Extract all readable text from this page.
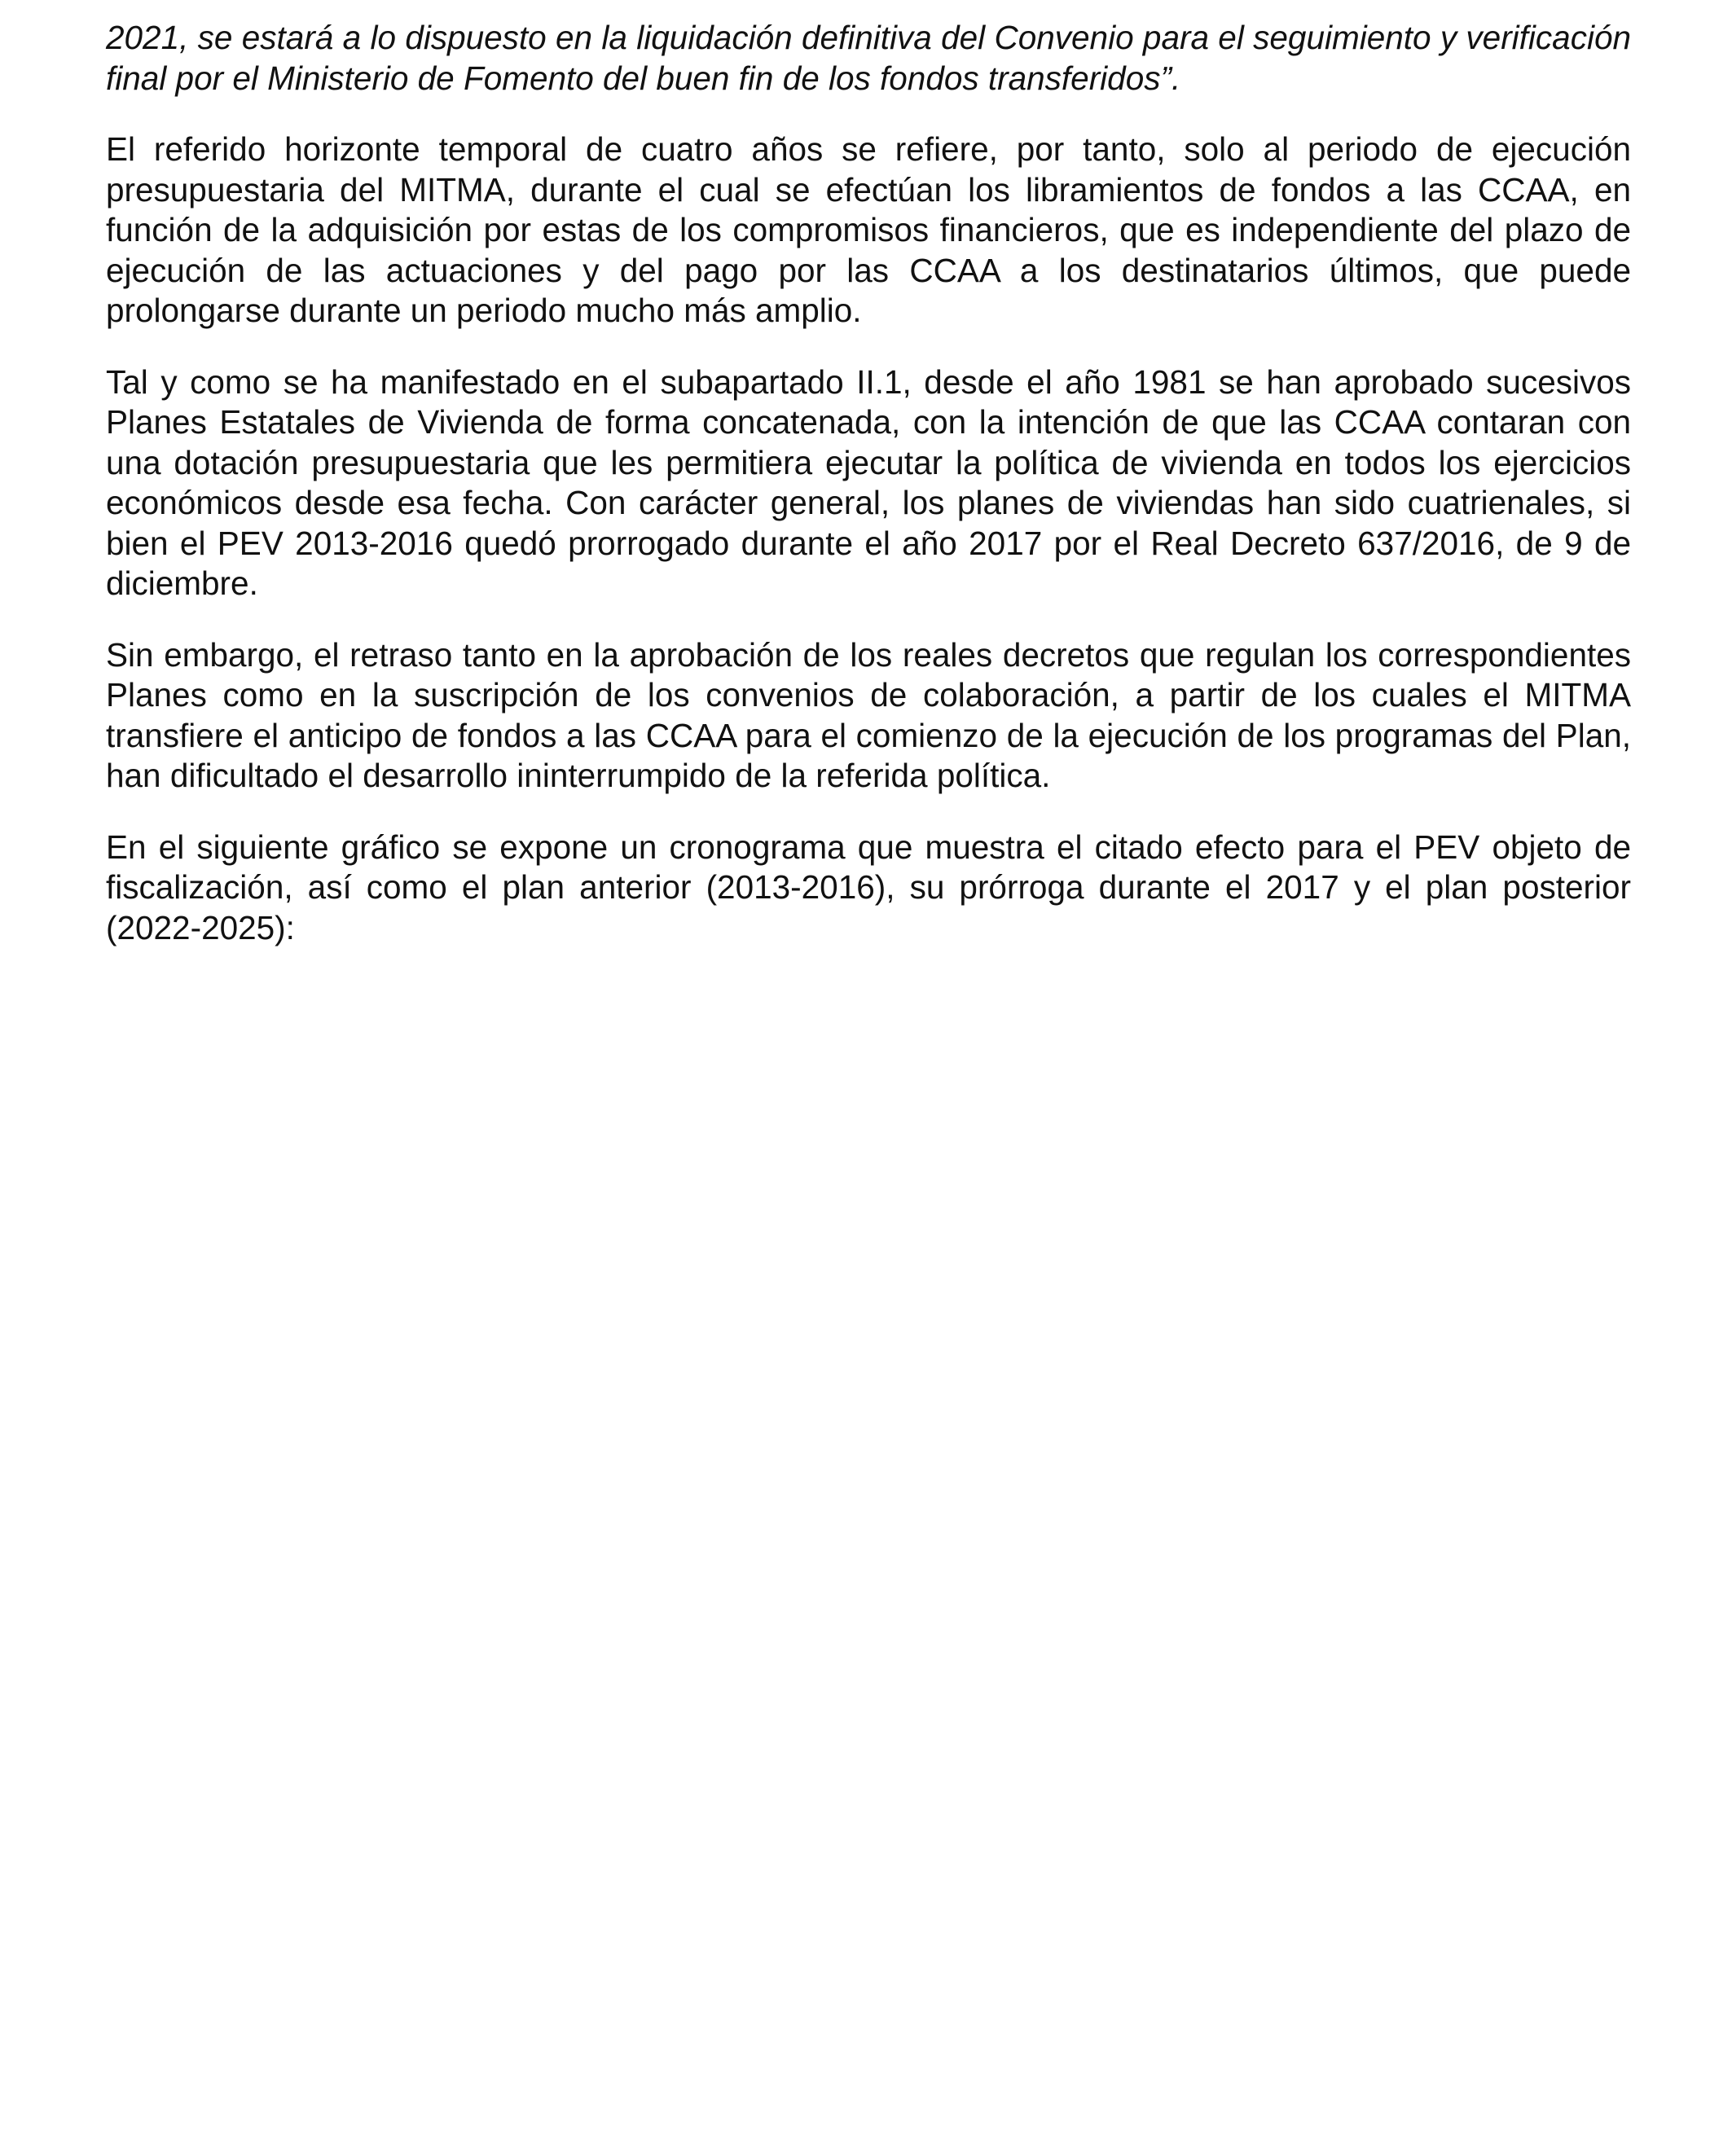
2021, se estará a lo dispuesto en la liquidación definitiva del Convenio para el seguimiento y verificación final por el Ministerio de Fomento del buen fin de los fondos transferidos”.

El referido horizonte temporal de cuatro años se refiere, por tanto, solo al periodo de ejecución presupuestaria del MITMA, durante el cual se efectúan los libramientos de fondos a las CCAA, en función de la adquisición por estas de los compromisos financieros, que es independiente del plazo de ejecución de las actuaciones y del pago por las CCAA a los destinatarios últimos, que puede prolongarse durante un periodo mucho más amplio.

Tal y como se ha manifestado en el subapartado II.1, desde el año 1981 se han aprobado sucesivos Planes Estatales de Vivienda de forma concatenada, con la intención de que las CCAA contaran con una dotación presupuestaria que les permitiera ejecutar la política de vivienda en todos los ejercicios económicos desde esa fecha. Con carácter general, los planes de viviendas han sido cuatrienales, si bien el PEV 2013-2016 quedó prorrogado durante el año 2017 por el Real Decreto 637/2016, de 9 de diciembre.

Sin embargo, el retraso tanto en la aprobación de los reales decretos que regulan los correspondientes Planes como en la suscripción de los convenios de colaboración, a partir de los cuales el MITMA transfiere el anticipo de fondos a las CCAA para el comienzo de la ejecución de los programas del Plan, han dificultado el desarrollo ininterrumpido de la referida política.

En el siguiente gráfico se expone un cronograma que muestra el citado efecto para el PEV objeto de fiscalización, así como el plan anterior (2013-2016), su prórroga durante el 2017 y el plan posterior (2022-2025):
